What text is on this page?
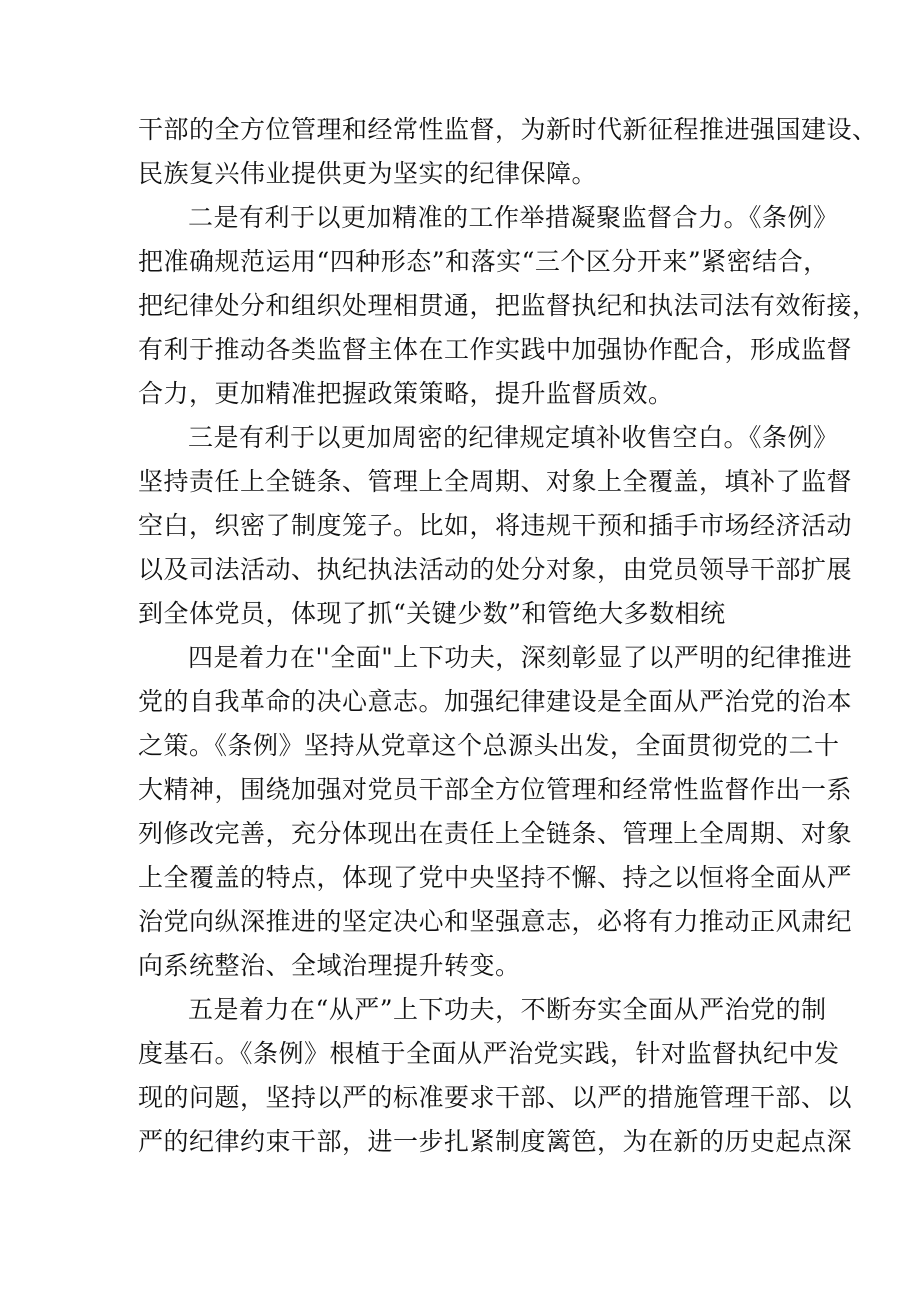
干部的全方位管理和经常性监督，为新时代新征程推进强国建设、
民族复兴伟业提供更为坚实的纪律保障。
二是有利于以更加精准的工作举措凝聚监督合力。《条例》
把准确规范运用“四种形态”和落实“三个区分开来”紧密结合，
把纪律处分和组织处理相贯通，把监督执纪和执法司法有效衔接，
有利于推动各类监督主体在工作实践中加强协作配合，形成监督
合力，更加精准把握政策策略，提升监督质效。
三是有利于以更加周密的纪律规定填补收售空白。《条例》
坚持责任上全链条、管理上全周期、对象上全覆盖，填补了监督
空白，织密了制度笼子。比如，将违规干预和插手市场经济活动
以及司法活动、执纪执法活动的处分对象，由党员领导干部扩展
到全体党员，体现了抓“关键少数”和管绝大多数相统
四是着力在''全面"上下功夫，深刻彰显了以严明的纪律推进
党的自我革命的决心意志。加强纪律建设是全面从严治党的治本
之策。《条例》坚持从党章这个总源头出发，全面贯彻党的二十
大精神，围绕加强对党员干部全方位管理和经常性监督作出一系
列修改完善，充分体现出在责任上全链条、管理上全周期、对象
上全覆盖的特点，体现了党中央坚持不懈、持之以恒将全面从严
治党向纵深推进的坚定决心和坚强意志，必将有力推动正风肃纪
向系统整治、全域治理提升转变。
五是着力在“从严”上下功夫，不断夯实全面从严治党的制
度基石。《条例》根植于全面从严治党实践，针对监督执纪中发
现的问题，坚持以严的标准要求干部、以严的措施管理干部、以
严的纪律约束干部，进一步扎紧制度篱笆，为在新的历史起点深
